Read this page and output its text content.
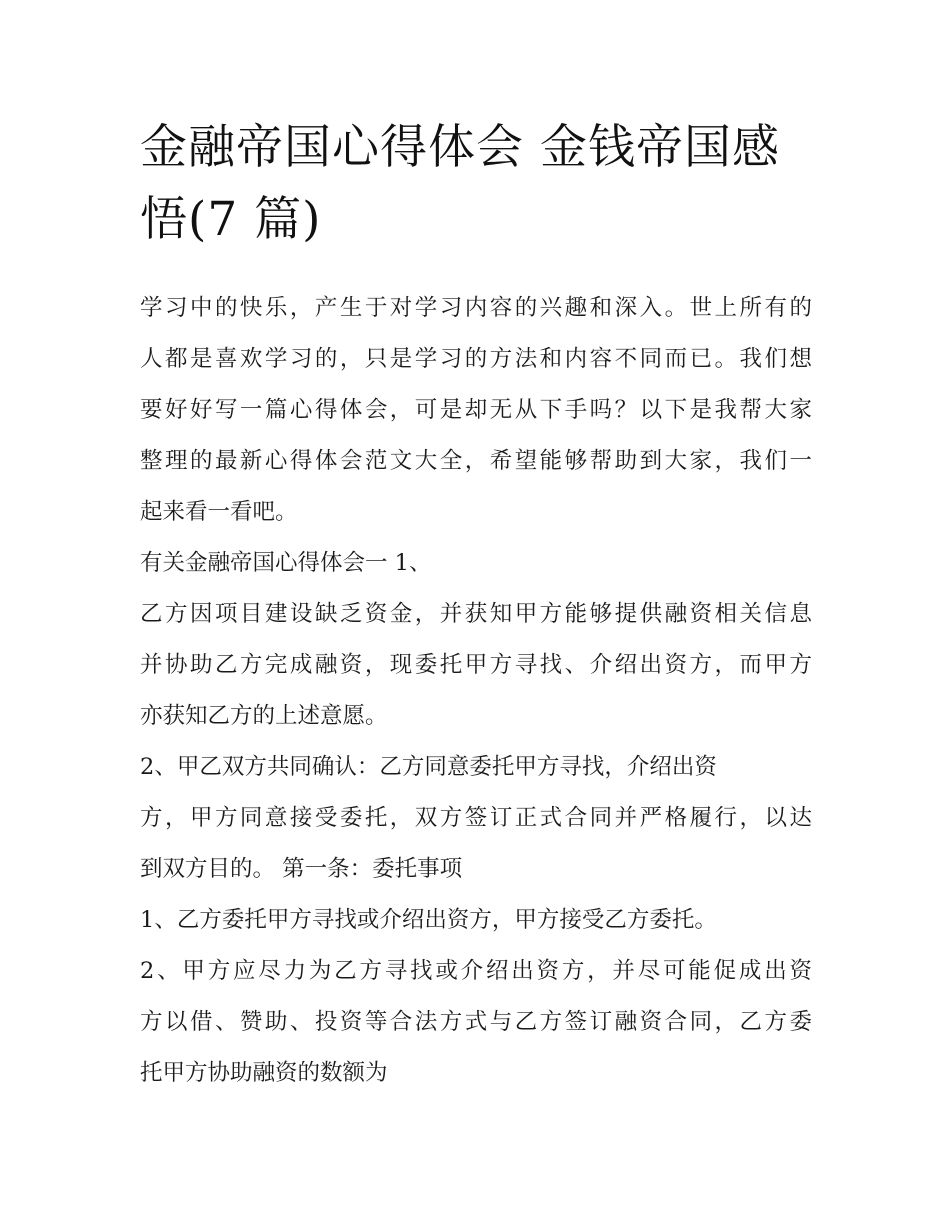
金融帝国心得体会 金钱帝国感
悟(7 篇)

学习中的快乐，产生于对学习内容的兴趣和深入。世上所有的
人都是喜欢学习的，只是学习的方法和内容不同而已。我们想
要好好写一篇心得体会，可是却无从下手吗？以下是我帮大家
整理的最新心得体会范文大全，希望能够帮助到大家，我们一
起来看一看吧。

有关金融帝国心得体会一 1、

乙方因项目建设缺乏资金，并获知甲方能够提供融资相关信息
并协助乙方完成融资，现委托甲方寻找、介绍出资方，而甲方
亦获知乙方的上述意愿。

2、甲乙双方共同确认：乙方同意委托甲方寻找，介绍出资
方，甲方同意接受委托，双方签订正式合同并严格履行，以达
到双方目的。 第一条：委托事项

1、乙方委托甲方寻找或介绍出资方，甲方接受乙方委托。

2、甲方应尽力为乙方寻找或介绍出资方，并尽可能促成出资
方以借、赞助、投资等合法方式与乙方签订融资合同，乙方委
托甲方协助融资的数额为
